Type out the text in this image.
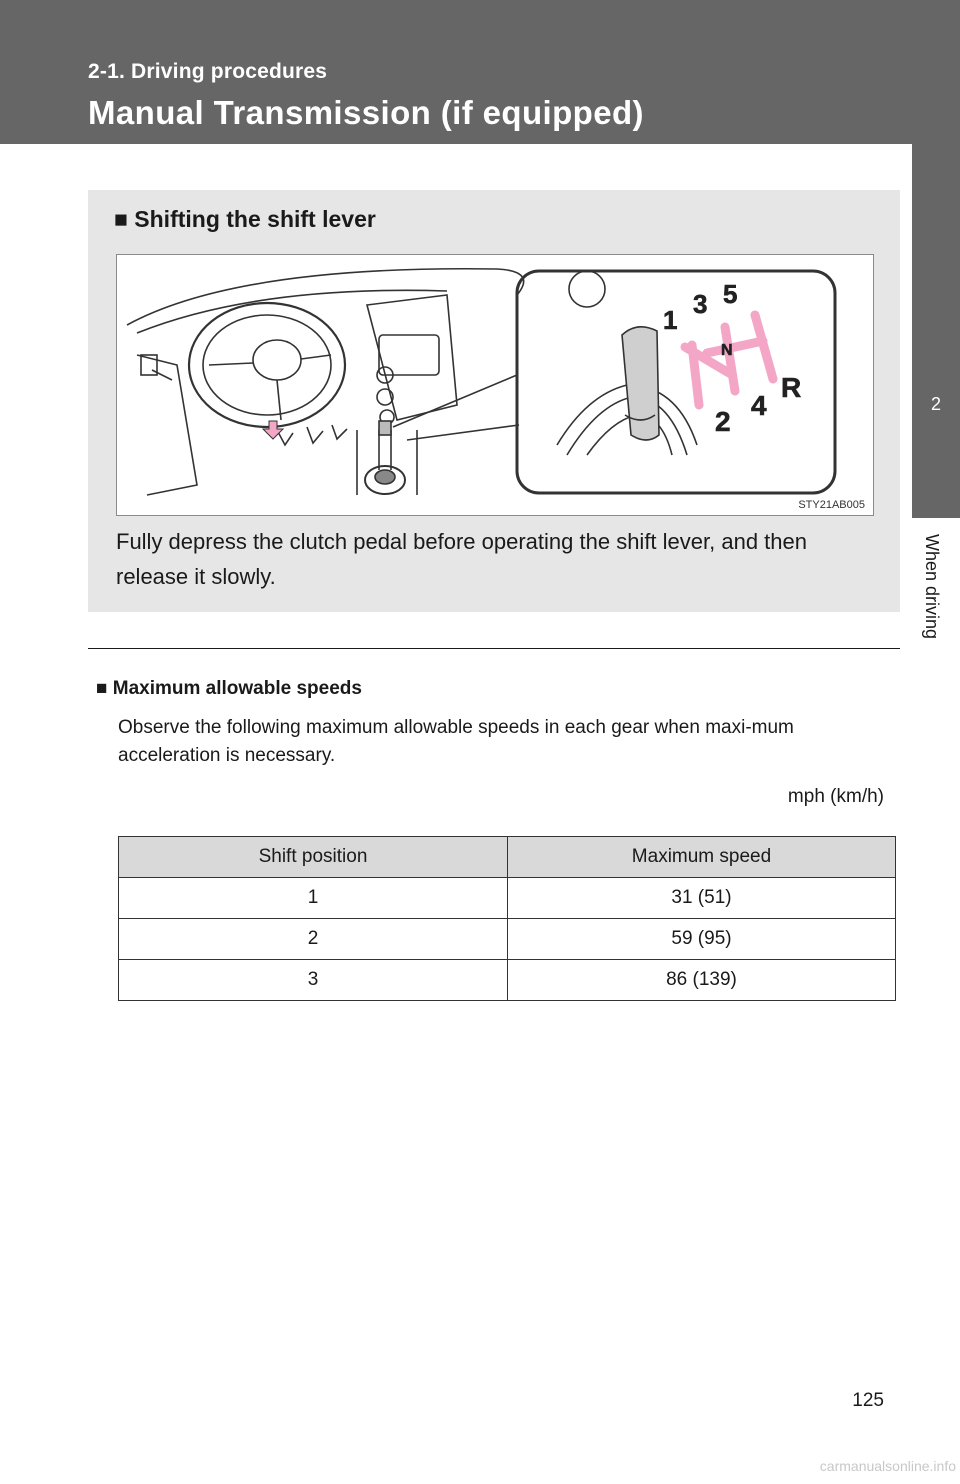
2-1. Driving procedures
Manual Transmission (if equipped)
2
When driving
■ Shifting the shift lever
1
3 5
N
2
4
R
STY21AB005
Fully depress the clutch pedal before operating the shift lever, and then release it slowly.
■ Maximum allowable speeds
Observe the following maximum allowable speeds in each gear when maxi-mum acceleration is necessary.
mph (km/h)
Shift position	Maximum speed
1	31 (51)
2	59 (95)
3	86 (139)
125
carmanualsonline.info
